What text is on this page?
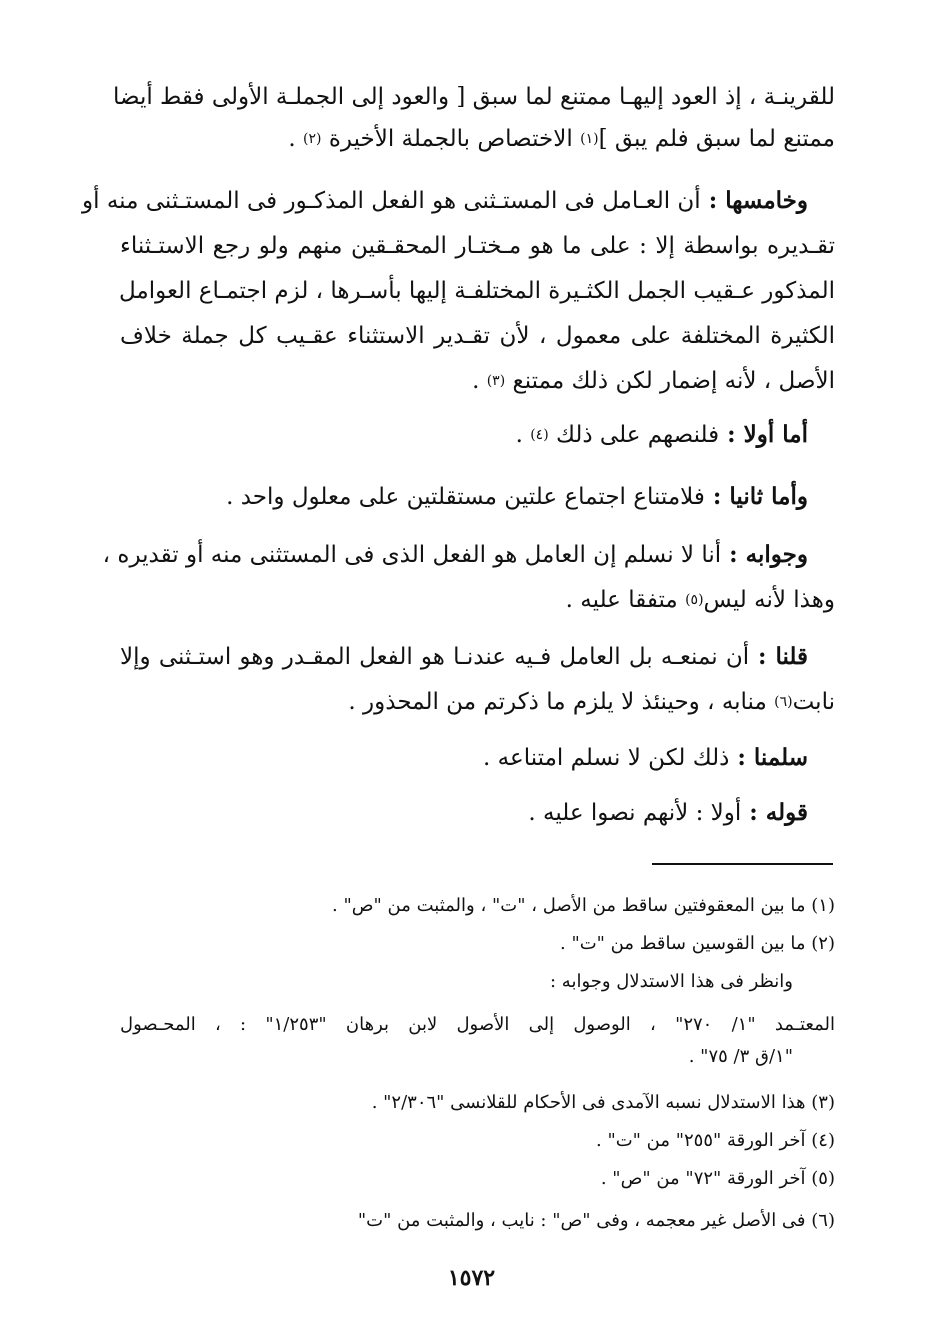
للقرينـة ، إذ العود إليهـا ممتنع لما سبق [ والعود إلى الجملـة الأولى فقط أيضا
ممتنع لما سبق فلم يبق ]$^{(١)}$ الاختصاص بالجملة الأخيرة $^{(٢)}$ .
وخامسها : أن العـامل فى المستـثنى هو الفعل المذكـور فى المستـثنى منه أو
تقـديره بواسطة إلا : على ما هو مـختـار المحقـقين منهم ولو رجع الاستـثناء
المذكور عـقيب الجمل الكثـيرة المختلفـة إليها بأسـرها ، لزم اجتمـاع العوامل
الكثيرة المختلفة على معمول ، لأن تقـدير الاستثناء عقـيب كل جملة خلاف
الأصل ، لأنه إضمار لكن ذلك ممتنع $^{(٣)}$ .
أما أولا : فلنصهم على ذلك $^{(٤)}$ .
وأما ثانيا : فلامتناع اجتماع علتين مستقلتين على معلول واحد .
وجوابه : أنا لا نسلم إن العامل هو الفعل الذى فى المستثنى منه أو تقديره ،
وهذا لأنه ليس$^{(٥)}$ متفقا عليه .
قلنا : أن نمنعـه بل العامل فـيه عندنـا هو الفعل المقـدر وهو استـثنى وإلا
نابت$^{(٦)}$ منابه ، وحينئذ لا يلزم ما ذكرتم من المحذور .
سلمنا : ذلك لكن لا نسلم امتناعه .
قوله : أولا : لأنهم نصوا عليه .
(١) ما بين المعقوفتين ساقط من الأصل ، "ت" ، والمثبت من "ص" .
(٢) ما بين القوسين ساقط من "ت" .
وانظر فى هذا الاستدلال وجوابه :
المعتـمد "١/ ٢٧٠" ، الوصول إلى الأصول لابن برهان "١/٢٥٣" : ، المحـصول
"١/ق ٣/ ٧٥" .
(٣) هذا الاستدلال نسبه الآمدى فى الأحكام للقلانسى "٢/٣٠٦" .
(٤) آخر الورقة "٢٥٥" من "ت" .
(٥) آخر الورقة "٧٢" من "ص" .
(٦) فى الأصل غير معجمه ، وفى "ص" : نايب ، والمثبت من "ت"
١٥٧٢
